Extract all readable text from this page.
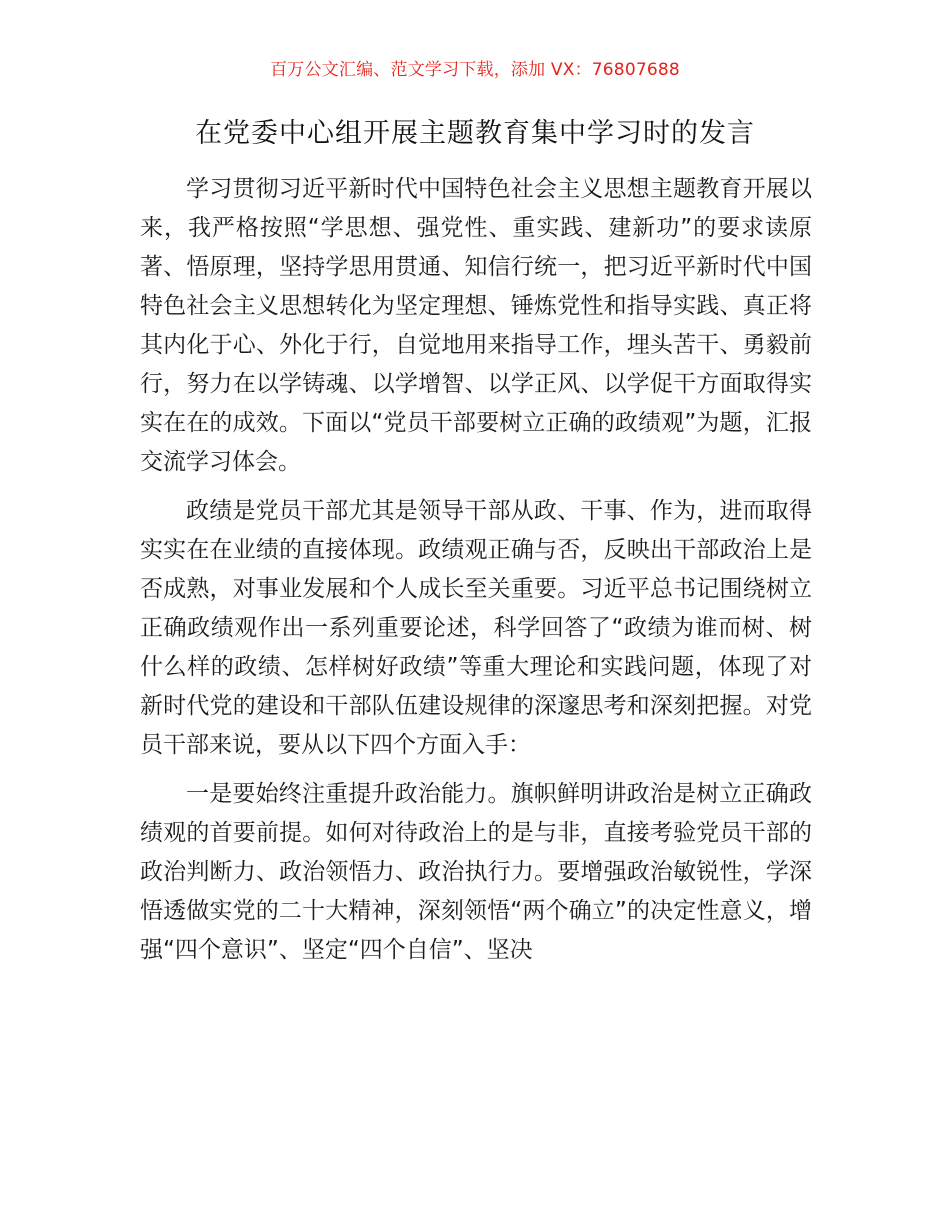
百万公文汇编、范文学习下载，添加 VX：76807688
在党委中心组开展主题教育集中学习时的发言

学习贯彻习近平新时代中国特色社会主义思想主题教育开展以来，我严格按照“学思想、强党性、重实践、建新功”的要求读原著、悟原理，坚持学思用贯通、知信行统一，把习近平新时代中国特色社会主义思想转化为坚定理想、锤炼党性和指导实践、真正将其内化于心、外化于行，自觉地用来指导工作，埋头苦干、勇毅前行，努力在以学铸魂、以学增智、以学正风、以学促干方面取得实实在在的成效。下面以“党员干部要树立正确的政绩观”为题，汇报交流学习体会。

政绩是党员干部尤其是领导干部从政、干事、作为，进而取得实实在在业绩的直接体现。政绩观正确与否，反映出干部政治上是否成熟，对事业发展和个人成长至关重要。习近平总书记围绕树立正确政绩观作出一系列重要论述，科学回答了“政绩为谁而树、树什么样的政绩、怎样树好政绩”等重大理论和实践问题，体现了对新时代党的建设和干部队伍建设规律的深邃思考和深刻把握。对党员干部来说，要从以下四个方面入手：

一是要始终注重提升政治能力。旗帜鲜明讲政治是树立正确政绩观的首要前提。如何对待政治上的是与非，直接考验党员干部的政治判断力、政治领悟力、政治执行力。要增强政治敏锐性，学深悟透做实党的二十大精神，深刻领悟“两个确立”的决定性意义，增强“四个意识”、坚定“四个自信”、坚决
